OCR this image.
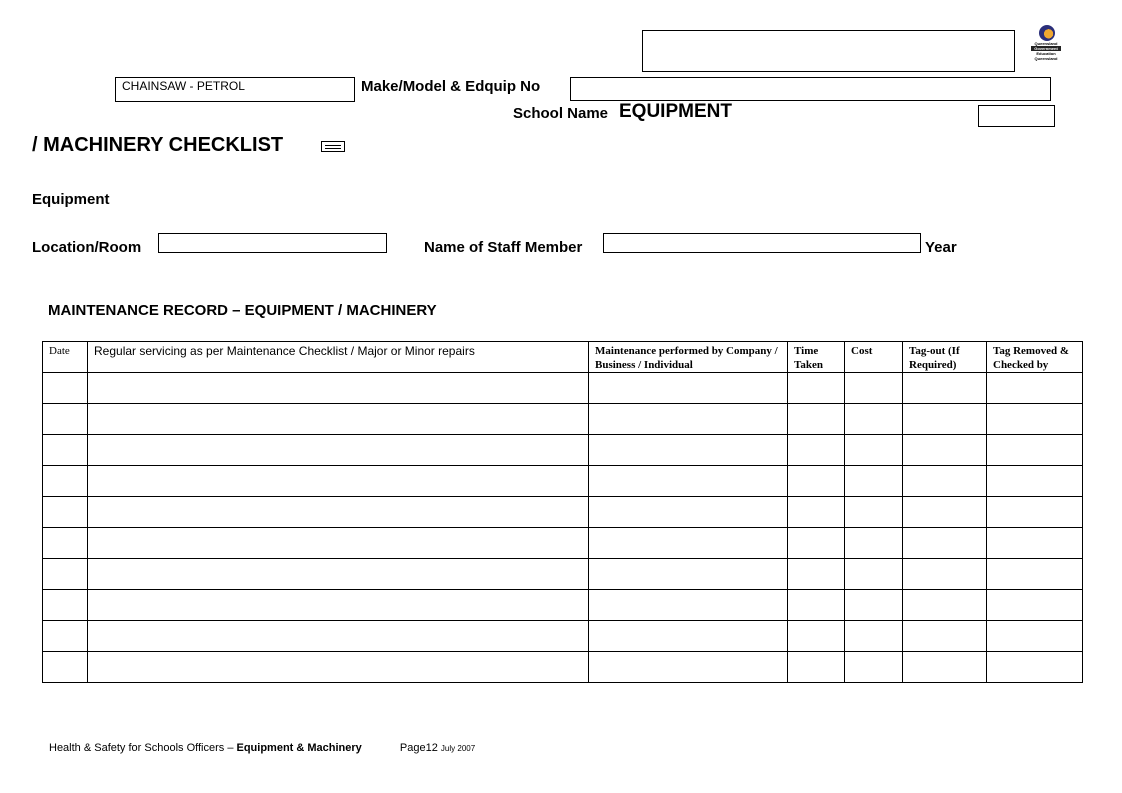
Queensland
Government
Education
Queensland
CHAINSAW - PETROL	Make/Model & Edquip No
School Name EQUIPMENT
/ MACHINERY CHECKLIST
Equipment
Location/Room	Name of Staff Member	Year
MAINTENANCE RECORD – EQUIPMENT / MACHINERY
Date	Regular servicing as per Maintenance Checklist / Major or Minor repairs	Maintenance performed by Company / Business / Individual	Time Taken	Cost	Tag-out (If Required)	Tag Removed & Checked by

Health & Safety for Schools Officers – Equipment & Machinery	Page12 July 2007
